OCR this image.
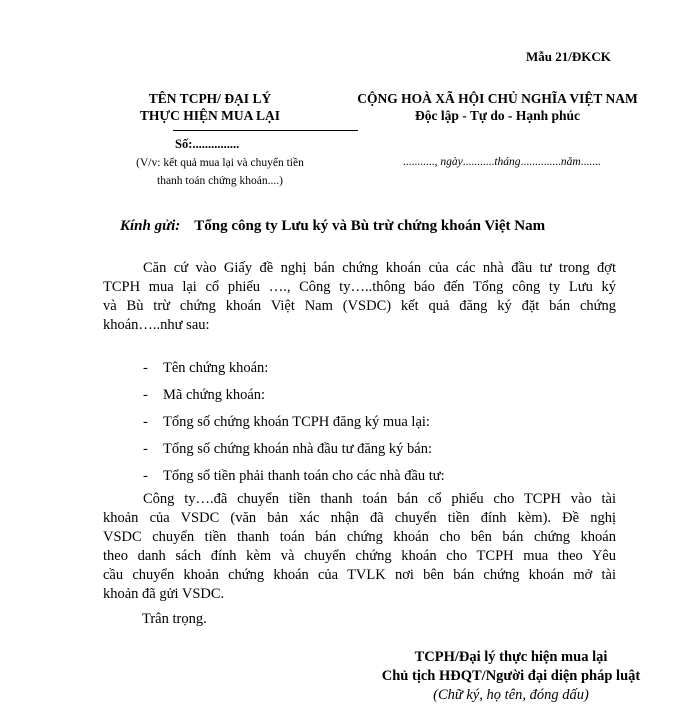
Mẫu 21/ĐKCK
TÊN TCPH/ ĐẠI LÝ
THỰC HIỆN MUA LẠI
CỘNG HOÀ XÃ HỘI CHỦ NGHĨA VIỆT NAM
Độc lập - Tự do - Hạnh phúc
Số:...............
(V/v: kết quả mua lại và chuyển tiền
thanh toán chứng khoán....)
..........., ngày...........tháng..............năm.......
Kính gửi: Tổng công ty Lưu ký và Bù trừ chứng khoán Việt Nam
Căn cứ vào Giấy đề nghị bán chứng khoán của các nhà đầu tư trong đợt
TCPH mua lại cổ phiếu …., Công ty…..thông báo đến Tổng công ty Lưu ký
và Bù trừ chứng khoán Việt Nam (VSDC) kết quả đăng ký đặt bán chứng
khoán…..như sau:
- Tên chứng khoán:
- Mã chứng khoán:
- Tổng số chứng khoán TCPH đăng ký mua lại:
- Tổng số chứng khoán nhà đầu tư đăng ký bán:
- Tổng số tiền phải thanh toán cho các nhà đầu tư:
Công ty….đã chuyển tiền thanh toán bán cổ phiếu cho TCPH vào tài
khoản của VSDC (văn bản xác nhận đã chuyển tiền đính kèm). Đề nghị
VSDC chuyển tiền thanh toán bán chứng khoán cho bên bán chứng khoán
theo danh sách đính kèm và chuyển chứng khoán cho TCPH mua theo Yêu
cầu chuyển khoản chứng khoán của TVLK nơi bên bán chứng khoán mở tài
khoản đã gửi VSDC.
Trân trọng.
TCPH/Đại lý thực hiện mua lại
Chủ tịch HĐQT/Người đại diện pháp luật
(Chữ ký, họ tên, đóng dấu)
